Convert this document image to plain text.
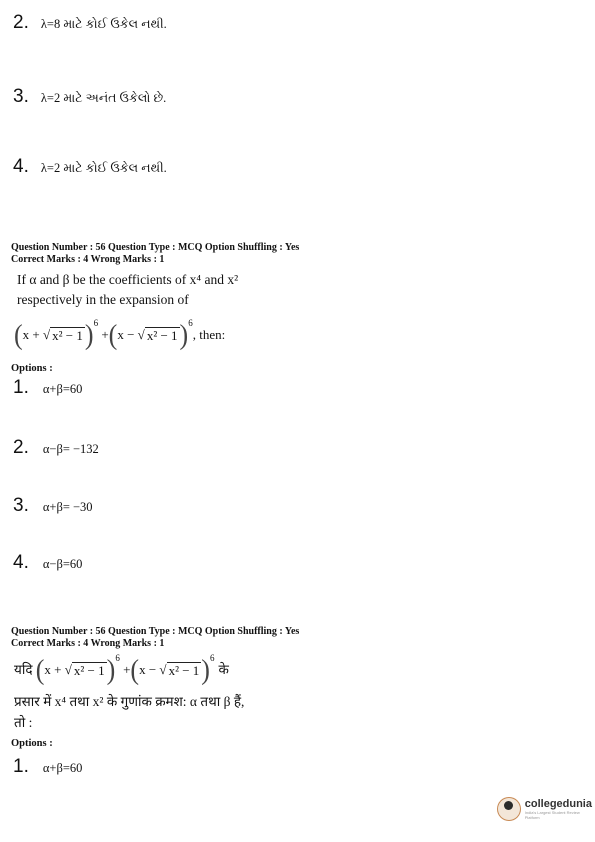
2. λ=8 માટે કોઈ ઉકેલ નથી.
3. λ=2 માટે અનંત ઉકેલો છે.
4. λ=2 માટે કોઈ ઉકેલ નથી.
Question Number : 56 Question Type : MCQ Option Shuffling : Yes
Correct Marks : 4 Wrong Marks : 1
If α and β be the coefficients of x⁴ and x²
respectively in the expansion of
( x
+ √ x² − 1 ) 6

+ ( x
− √ x² − 1 ) 6
, then:
Options :
1. α+β=60
2. α−β= −132
3. α+β= −30
4. α−β=60
Question Number : 56 Question Type : MCQ Option Shuffling : Yes
Correct Marks : 4 Wrong Marks : 1
यदि
( x
+ √ x² − 1 ) 6

+ ( x
− √ x² − 1 ) 6
के
प्रसार में x⁴ तथा x² के गुणांक क्रमश: α तथा β हैं,
तो :
Options :
1. α+β=60
collegedunia
India's Largest Student Review Platform
